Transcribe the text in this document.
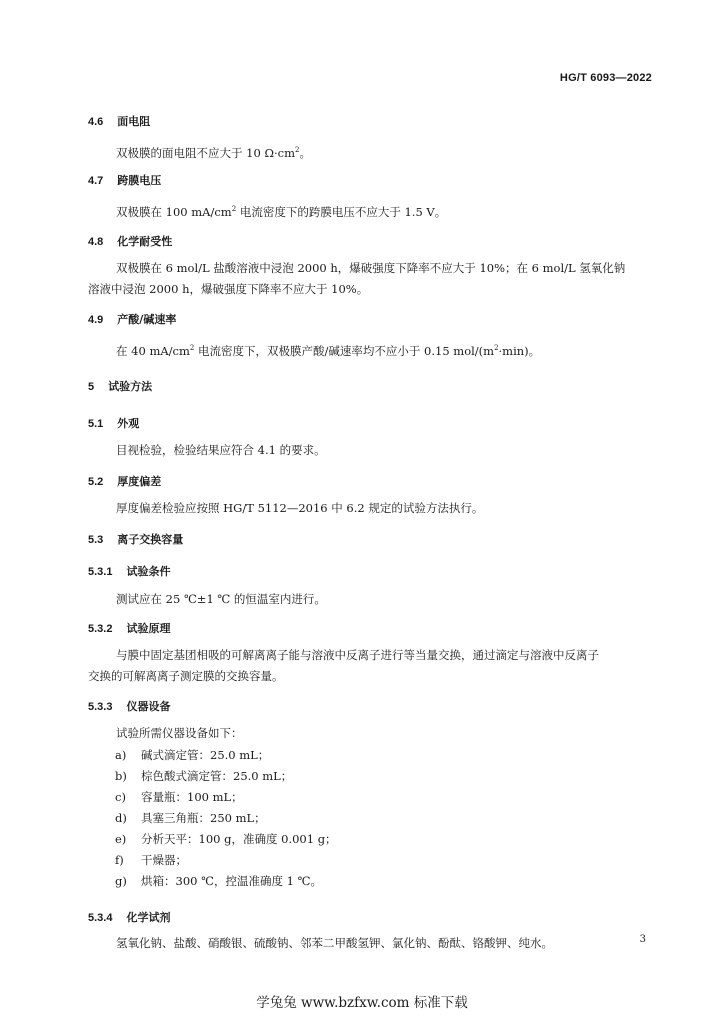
HG/T 6093—2022
4.6 面电阻
双极膜的面电阻不应大于 10 $\Omega\cdot cm^2$。
4.7 跨膜电压
双极膜在 100 $mA/cm^2$ 电流密度下的跨膜电压不应大于 1.5 V。
4.8 化学耐受性
双极膜在 6 mol/L 盐酸溶液中浸泡 2000 h，爆破强度下降率不应大于 10%；在 6 mol/L 氢氧化钠
溶液中浸泡 2000 h，爆破强度下降率不应大于 10%。
4.9 产酸/碱速率
在 40 $mA/cm^2$ 电流密度下，双极膜产酸/碱速率均不应小于 0.15 mol/$(m^2\cdot\min)$。
5 试验方法
5.1 外观
目视检验，检验结果应符合 4.1 的要求。
5.2 厚度偏差
厚度偏差检验应按照 HG/T 5112—2016 中 6.2 规定的试验方法执行。
5.3 离子交换容量
5.3.1 试验条件
测试应在 25 ℃±1 ℃ 的恒温室内进行。
5.3.2 试验原理
与膜中固定基团相吸的可解离离子能与溶液中反离子进行等当量交换，通过滴定与溶液中反离子
交换的可解离离子测定膜的交换容量。
5.3.3 仪器设备
试验所需仪器设备如下：
a) 碱式滴定管：25.0 mL；
b) 棕色酸式滴定管：25.0 mL；
c) 容量瓶：100 mL；
d) 具塞三角瓶：250 mL；
e) 分析天平：100 g，准确度 0.001 g；
f) 干燥器；
g) 烘箱：300 ℃，控温准确度 1 ℃。
5.3.4 化学试剂
氢氧化钠、盐酸、硝酸银、硫酸钠、邻苯二甲酸氢钾、氯化钠、酚酞、铬酸钾、纯水。	3
学兔兔 www.bzfxw.com 标准下载
